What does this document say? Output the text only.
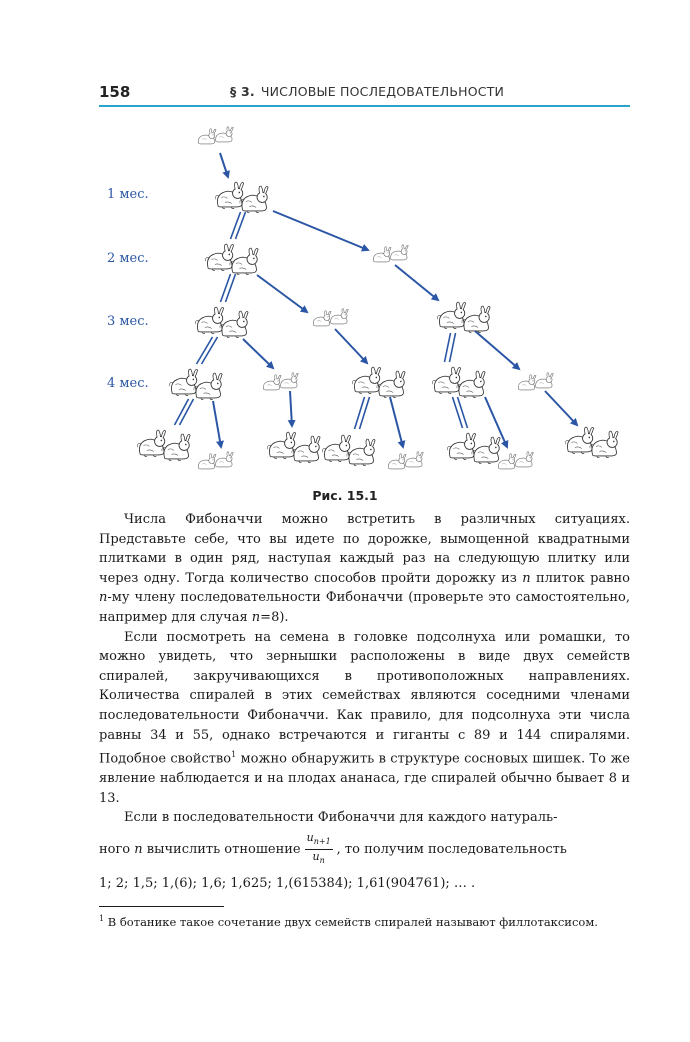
158	§ 3. ЧИСЛОВЫЕ ПОСЛЕДОВАТЕЛЬНОСТИ
1 мес.
2 мес.
3 мес.
4 мес.
Рис. 15.1

Числа Фибоначчи можно встретить в различных ситуациях. Представьте себе, что вы идете по дорожке, вымощенной квадратными плитками в один ряд, наступая каждый раз на следующую плитку или через одну. Тогда количество способов пройти дорожку из n плиток равно n-му члену последовательности Фибоначчи (проверьте это самостоятельно, например для случая n=8).

Если посмотреть на семена в головке подсолнуха или ромашки, то можно увидеть, что зернышки расположены в виде двух семейств спиралей, закручивающихся в противоположных направлениях. Количества спиралей в этих семействах являются соседними членами последовательности Фибоначчи. Как правило, для подсолнуха эти числа равны 34 и 55, однако встречаются и гиганты с 89 и 144 спиралями. Подобное свойство$^1$ можно обнаружить в структуре сосновых шишек. То же явление наблюдается и на плодах ананаса, где спиралей обычно бывает 8 и 13.

Если в последовательности Фибоначчи для каждого натураль-

ного n вычислить отношение $\frac{u_{n+1}}{u_n}$ , то получим последовательность
1; 2; 1,5; 1,(6); 1,6; 1,625; 1,(615384); 1,61(904761); … .
$^1$ В ботанике такое сочетание двух семейств спиралей называют филлотаксисом.
